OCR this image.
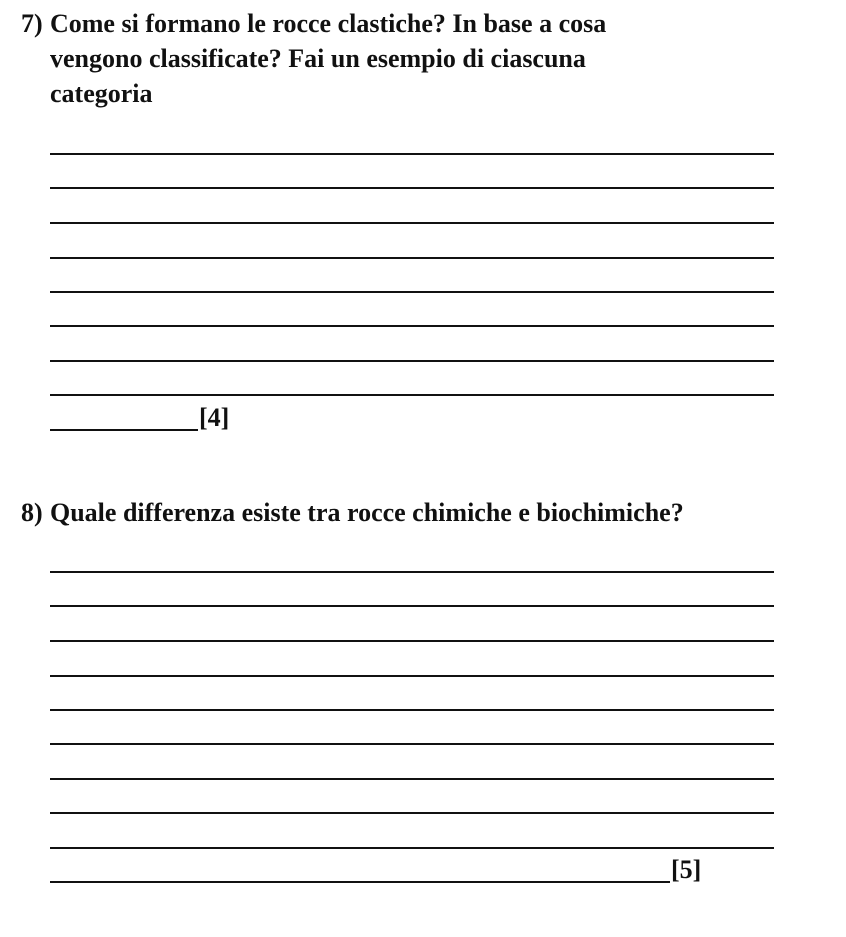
7) Come si formano le rocce clastiche? In base a cosa
vengono classificate? Fai un esempio di ciascuna
categoria
[4]
8) Quale differenza esiste tra rocce chimiche e biochimiche?
[5]
